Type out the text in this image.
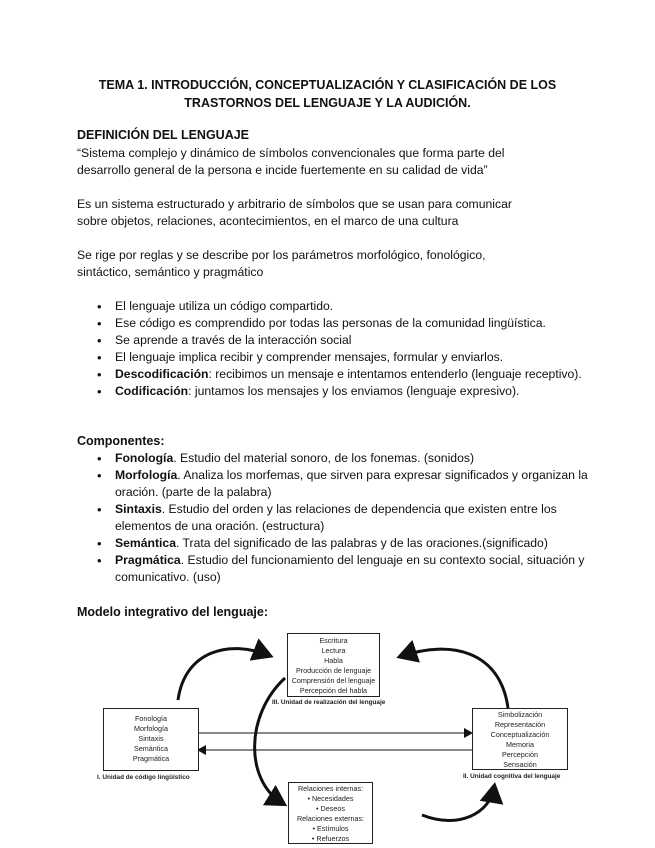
TEMA 1. INTRODUCCIÓN, CONCEPTUALIZACIÓN Y CLASIFICACIÓN DE LOS
TRASTORNOS DEL LENGUAJE Y LA AUDICIÓN.
DEFINICIÓN DEL LENGUAJE
“Sistema complejo y dinámico de símbolos convencionales que forma parte del desarrollo general de la persona e incide fuertemente en su calidad de vida”
Es un sistema estructurado y arbitrario de símbolos que se usan para comunicar sobre objetos, relaciones, acontecimientos, en el marco de una cultura
Se rige por reglas y se describe por los parámetros morfológico, fonológico, sintáctico, semántico y pragmático
• El lenguaje utiliza un código compartido.
• Ese código es comprendido por todas las personas de la comunidad lingüística.
• Se aprende a través de la interacción social
• El lenguaje implica recibir y comprender mensajes, formular y enviarlos.
• Descodificación: recibimos un mensaje e intentamos entenderlo (lenguaje receptivo).
• Codificación: juntamos los mensajes y los enviamos (lenguaje expresivo).
Componentes:
• Fonología. Estudio del material sonoro, de los fonemas. (sonidos)
• Morfología. Analiza los morfemas, que sirven para expresar significados y organizan la oración. (parte de la palabra)
• Sintaxis. Estudio del orden y las relaciones de dependencia que existen entre los elementos de una oración. (estructura)
• Semántica. Trata del significado de las palabras y de las oraciones.(significado)
• Pragmática. Estudio del funcionamiento del lenguaje en su contexto social, situación y comunicativo. (uso)
Modelo integrativo del lenguaje:
Escritura
Lectura
Habla
Producción de lenguaje
Comprensión del lenguaje
Percepción del habla
III. Unidad de realización del lenguaje
Fonología
Morfología
Sintaxis
Semántica
Pragmática
I. Unidad de código lingüístico
Simbolización
Representación
Conceptualización
Memoria
Percepción
Sensación
II. Unidad cognitiva del lenguaje
Relaciones internas:
• Necesidades
• Deseos
Relaciones externas:
• Estímulos
• Refuerzos
